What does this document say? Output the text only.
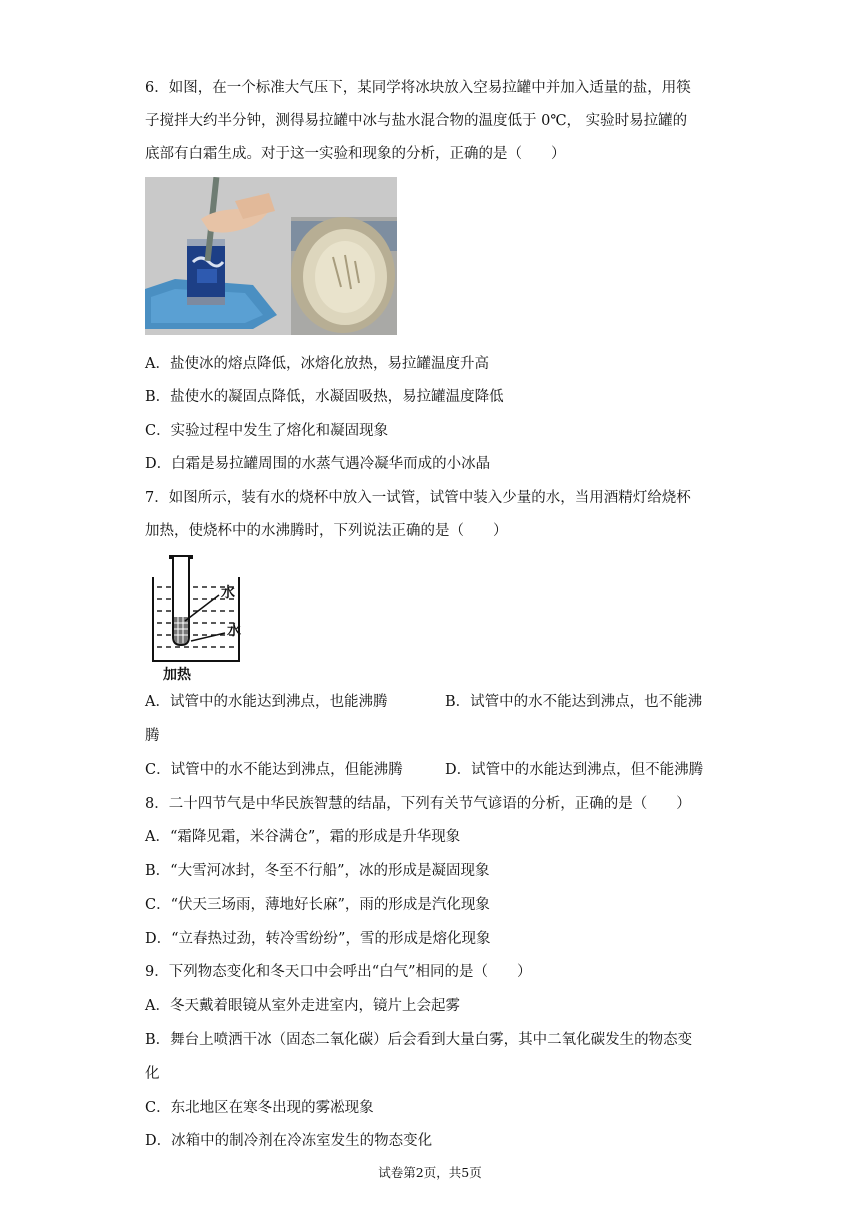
6．如图，在一个标准大气压下，某同学将冰块放入空易拉罐中并加入适量的盐，用筷
子搅拌大约半分钟，测得易拉罐中冰与盐水混合物的温度低于 0℃， 实验时易拉罐的
底部有白霜生成。对于这一实验和现象的分析，正确的是（　　）
A．盐使冰的熔点降低，冰熔化放热，易拉罐温度升高
B．盐使水的凝固点降低，水凝固吸热，易拉罐温度降低
C．实验过程中发生了熔化和凝固现象
D．白霜是易拉罐周围的水蒸气遇冷凝华而成的小冰晶
7．如图所示，装有水的烧杯中放入一试管，试管中装入少量的水，当用酒精灯给烧杯
加热，使烧杯中的水沸腾时，下列说法正确的是（　　）
水
水
加热
A．试管中的水能达到沸点，也能沸腾	B．试管中的水不能达到沸点，也不能沸
腾
C．试管中的水不能达到沸点，但能沸腾	D．试管中的水能达到沸点，但不能沸腾
8．二十四节气是中华民族智慧的结晶，下列有关节气谚语的分析，正确的是（　　）
A．“霜降见霜，米谷满仓”，霜的形成是升华现象
B．“大雪河冰封，冬至不行船”，冰的形成是凝固现象
C．“伏天三场雨，薄地好长麻”，雨的形成是汽化现象
D．“立春热过劲，转冷雪纷纷”，雪的形成是熔化现象
9．下列物态变化和冬天口中会呼出“白气”相同的是（　　）
A．冬天戴着眼镜从室外走进室内，镜片上会起雾
B．舞台上喷洒干冰（固态二氧化碳）后会看到大量白雾，其中二氧化碳发生的物态变
化
C．东北地区在寒冬出现的雾凇现象
D．冰箱中的制冷剂在冷冻室发生的物态变化
试卷第2页，共5页
